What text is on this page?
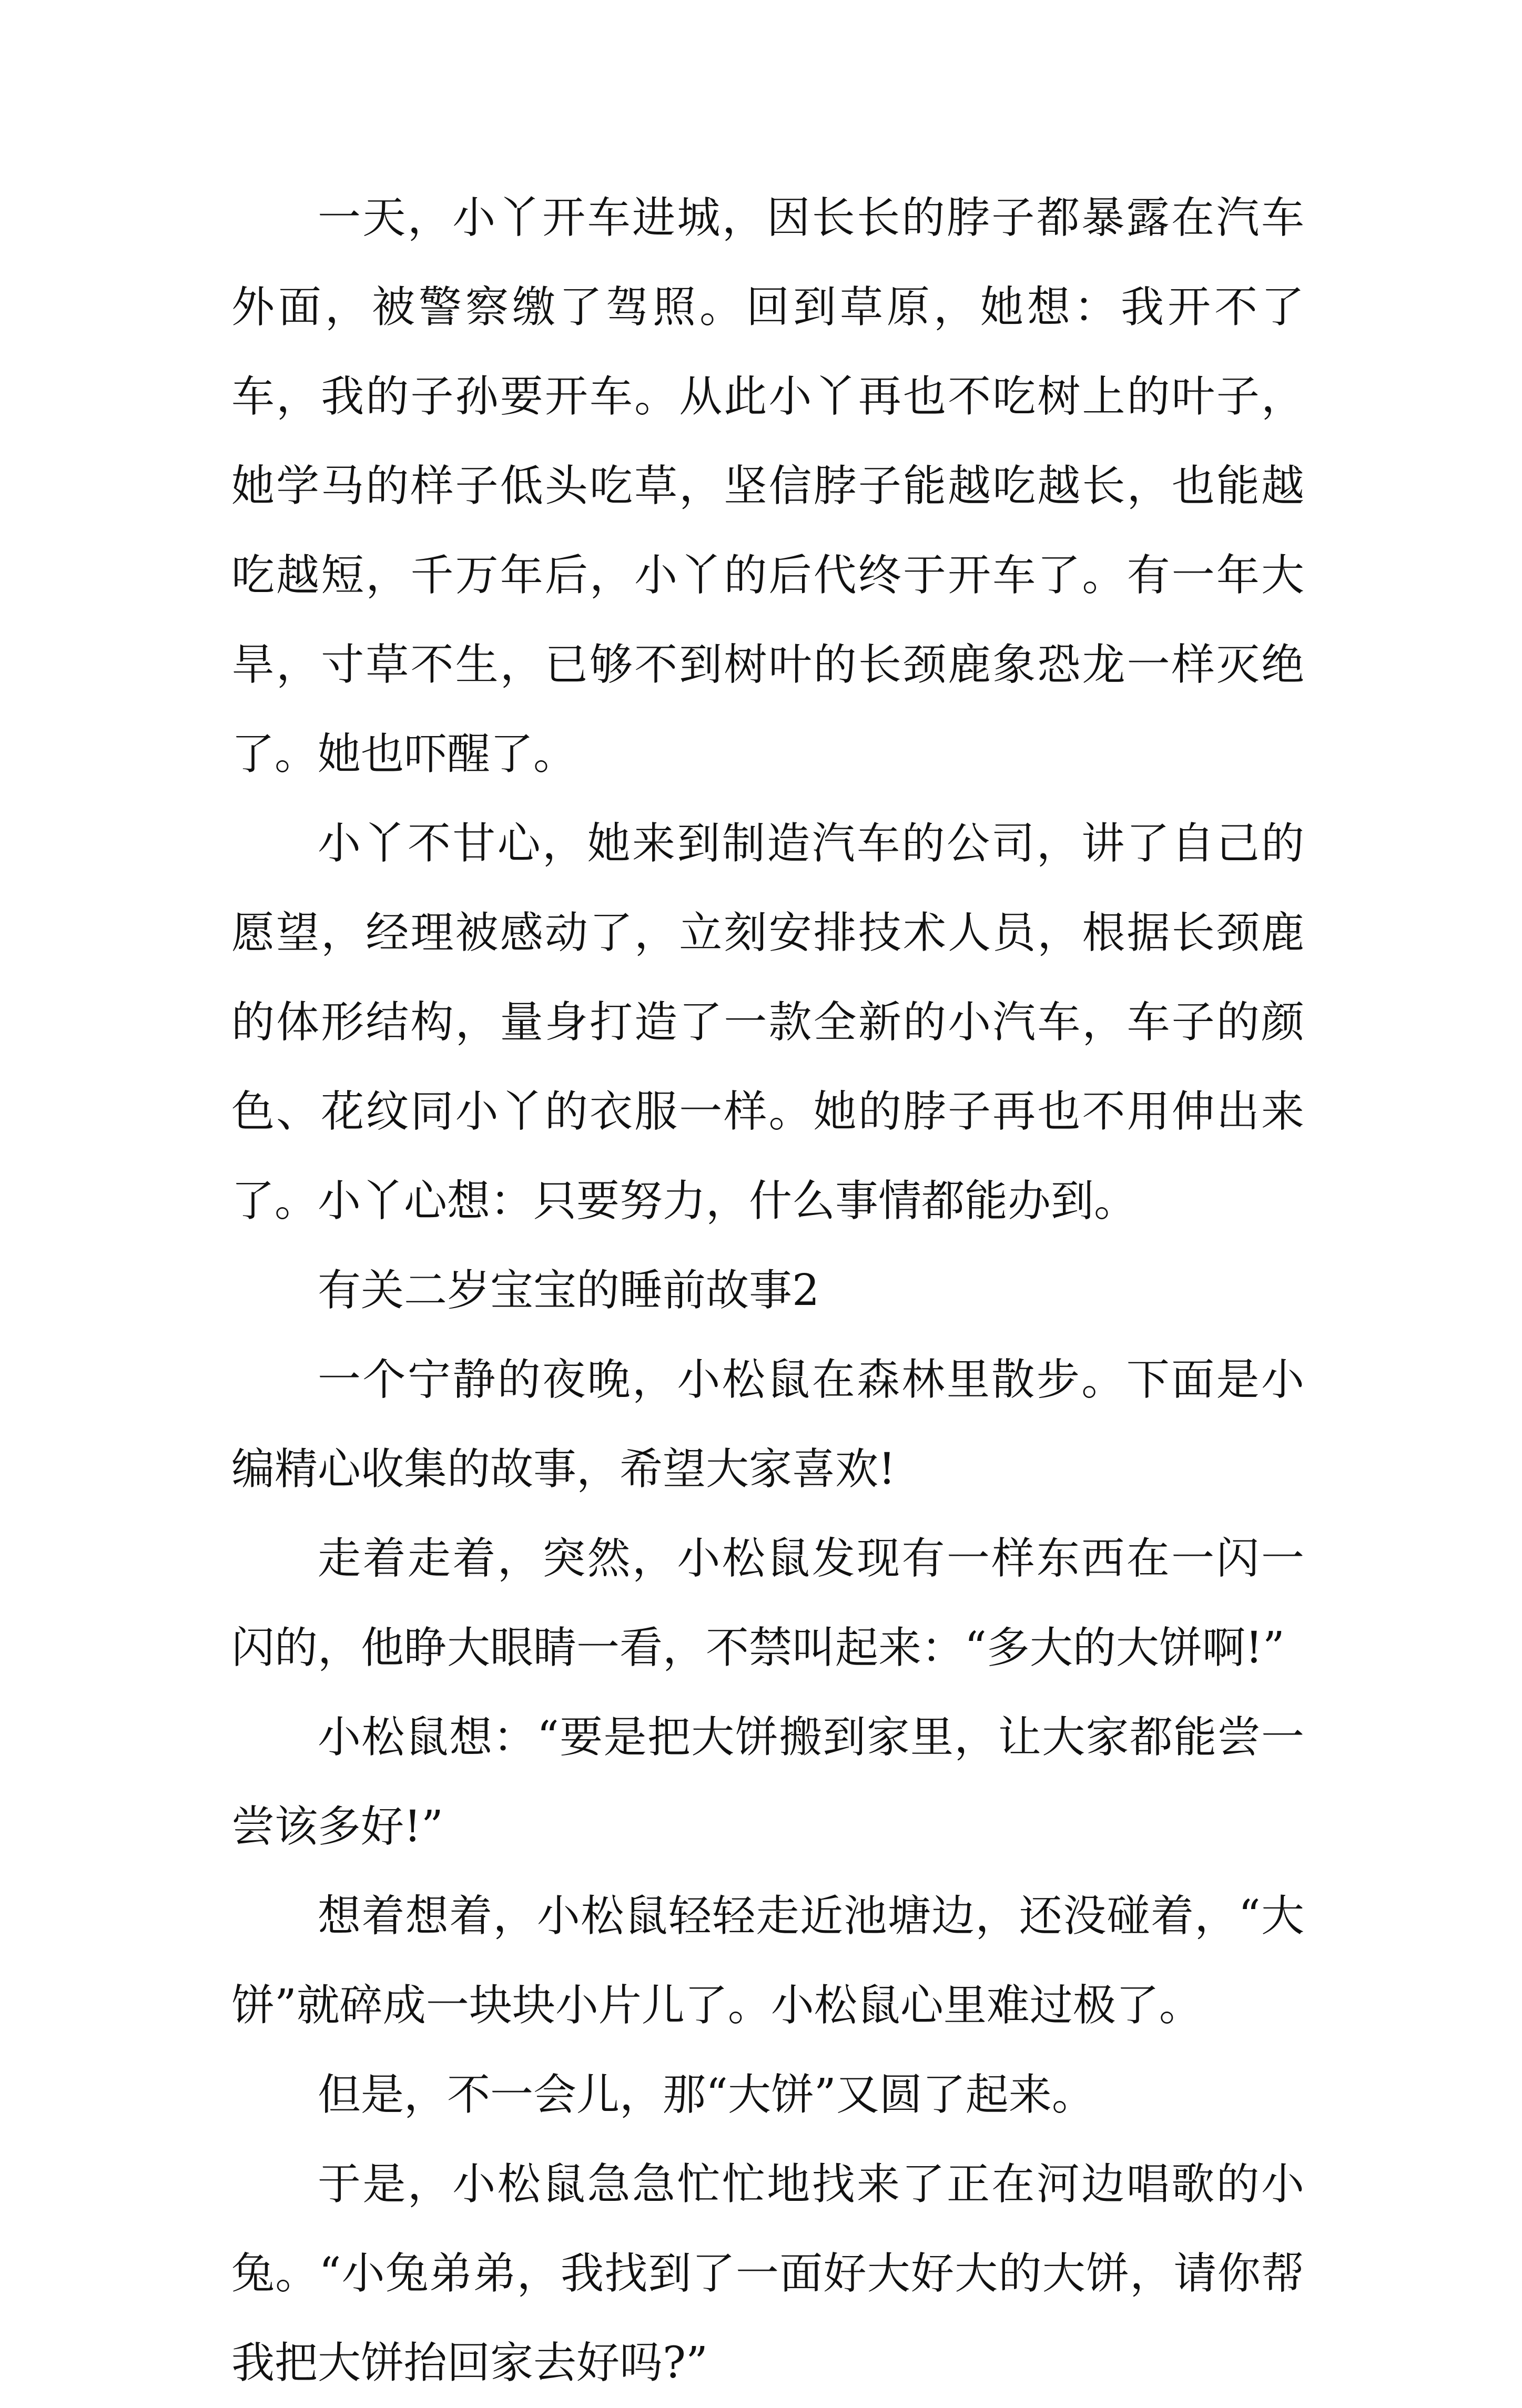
一天，小丫开车进城，因长长的脖子都暴露在汽车外面，被警察缴了驾照。回到草原，她想：我开不了车，我的子孙要开车。从此小丫再也不吃树上的叶子，她学马的样子低头吃草，坚信脖子能越吃越长，也能越吃越短，千万年后，小丫的后代终于开车了。有一年大旱，寸草不生，已够不到树叶的长颈鹿象恐龙一样灭绝了。她也吓醒了。

小丫不甘心，她来到制造汽车的公司，讲了自己的愿望，经理被感动了，立刻安排技术人员，根据长颈鹿的体形结构，量身打造了一款全新的小汽车，车子的颜色、花纹同小丫的衣服一样。她的脖子再也不用伸出来了。小丫心想：只要努力，什么事情都能办到。

有关二岁宝宝的睡前故事2

一个宁静的夜晚，小松鼠在森林里散步。下面是小编精心收集的故事，希望大家喜欢!

走着走着，突然，小松鼠发现有一样东西在一闪一闪的，他睁大眼睛一看，不禁叫起来：“多大的大饼啊!”

小松鼠想：“要是把大饼搬到家里，让大家都能尝一尝该多好!”

想着想着，小松鼠轻轻走近池塘边，还没碰着，“大饼”就碎成一块块小片儿了。小松鼠心里难过极了。

但是，不一会儿，那“大饼”又圆了起来。

于是，小松鼠急急忙忙地找来了正在河边唱歌的小兔。“小兔弟弟，我找到了一面好大好大的大饼，请你帮我把大饼抬回家去好吗?”
